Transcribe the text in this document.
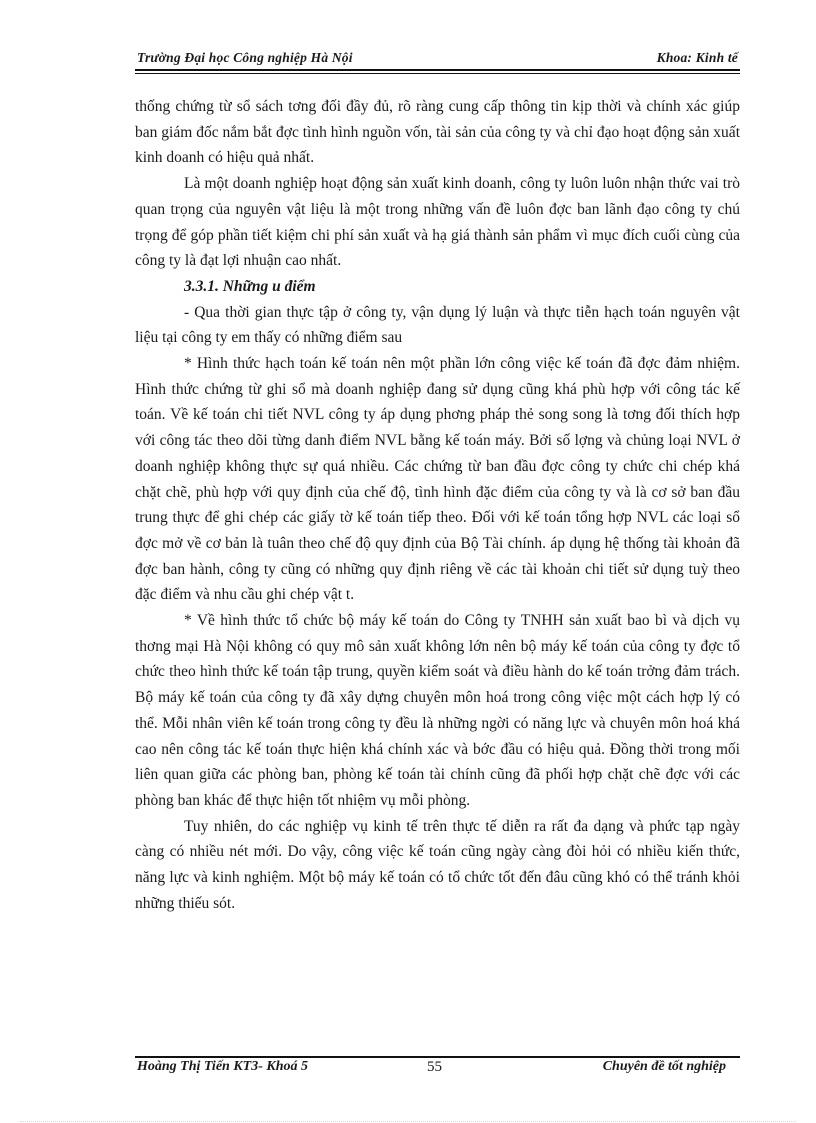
Trường Đại học Công nghiệp Hà Nội	Khoa: Kinh tế

thống chứng từ sổ sách tơng đối đầy đủ, rõ ràng cung cấp thông tin kịp thời và chính xác giúp ban giám đốc nắm bắt đợc tình hình nguồn vốn, tài sản của công ty và chỉ đạo hoạt động sản xuất kinh doanh có hiệu quả nhất.

Là một doanh nghiệp hoạt động sản xuất kinh doanh, công ty luôn luôn nhận thức vai trò quan trọng của nguyên vật liệu là một trong những vấn đề luôn đợc ban lãnh đạo công ty chú trọng để góp phần tiết kiệm chi phí sản xuất và hạ giá thành sản phẩm vì mục đích cuối cùng của công ty là đạt lợi nhuận cao nhất.

3.3.1. Những u điểm

- Qua thời gian thực tập ở công ty, vận dụng lý luận và thực tiễn hạch toán nguyên vật liệu tại công ty em thấy có những điểm sau

* Hình thức hạch toán kế toán nên một phần lớn công việc kế toán đã đợc đảm nhiệm. Hình thức chứng từ ghi sổ mà doanh nghiệp đang sử dụng cũng khá phù hợp với công tác kế toán. Về kế toán chi tiết NVL công ty áp dụng phơng pháp thẻ song song là tơng đối thích hợp với công tác theo dõi từng danh điểm NVL bằng kế toán máy. Bởi số lợng và chủng loại NVL ở doanh nghiệp không thực sự quá nhiều. Các chứng từ ban đầu đợc công ty chức chi chép khá chặt chẽ, phù hợp với quy định của chế độ, tình hình đặc điểm của công ty và là cơ sở ban đầu trung thực để ghi chép các giấy tờ kế toán tiếp theo. Đối với kế toán tổng hợp NVL các loại sổ đợc mở về cơ bản là tuân theo chế độ quy định của Bộ Tài chính. áp dụng hệ thống tài khoản đã đợc ban hành, công ty cũng có những quy định riêng về các tài khoản chi tiết sử dụng tuỳ theo đặc điểm và nhu cầu ghi chép vật t.

* Về hình thức tổ chức bộ máy kế toán do Công ty TNHH sản xuất bao bì và dịch vụ thơng mại Hà Nội không có quy mô sản xuất không lớn nên bộ máy kế toán của công ty đợc tổ chức theo hình thức kế toán tập trung, quyền kiểm soát và điều hành do kế toán trởng đảm trách. Bộ máy kế toán của công ty đã xây dựng chuyên môn hoá trong công việc một cách hợp lý có thể. Mỗi nhân viên kế toán trong công ty đều là những ngời có năng lực và chuyên môn hoá khá cao nên công tác kế toán thực hiện khá chính xác và bớc đầu có hiệu quả. Đồng thời trong mối liên quan giữa các phòng ban, phòng kế toán tài chính cũng đã phối hợp chặt chẽ đợc với các phòng ban khác để thực hiện tốt nhiệm vụ mỗi phòng.

Tuy nhiên, do các nghiệp vụ kinh tế trên thực tế diễn ra rất đa dạng và phức tạp ngày càng có nhiều nét mới. Do vậy, công việc kế toán cũng ngày càng đòi hỏi có nhiều kiến thức, năng lực và kinh nghiệm. Một bộ máy kế toán có tổ chức tốt đến đâu cũng khó có thể tránh khỏi những thiếu sót.

Hoàng Thị Tiến KT3- Khoá 5	55	Chuyên đề tốt nghiệp
